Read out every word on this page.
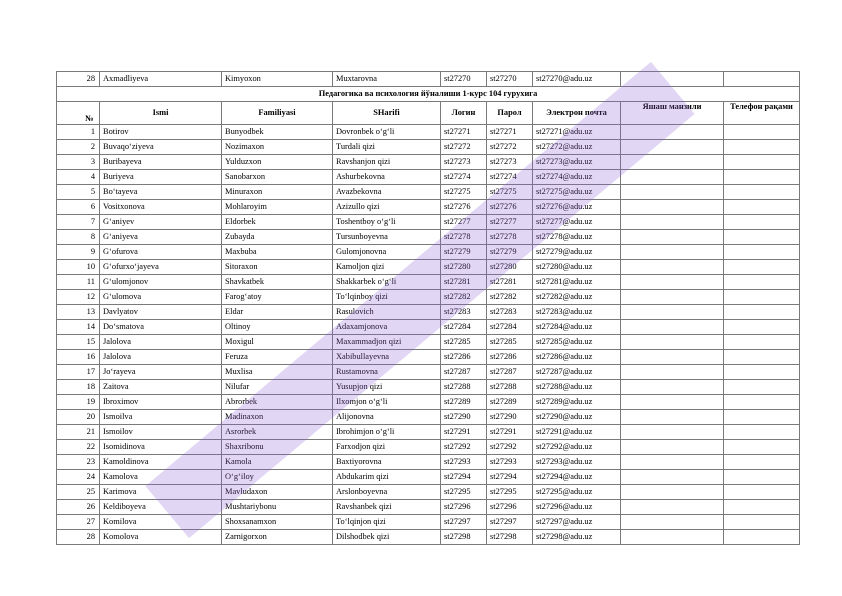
28	Axmadliyeva	Kimyoxon	Muxtarovna	st27270	st27270	st27270@adu.uz		
Педагогика ва психология йўналиши 1-курс 104 гурухига								
№	Ismi	Familiyasi	SHarifi	Логин	Парол	Электрон почта	Яшаш манзили	Телефон рақами
1	Botirov	Bunyodbek	Dovronbek o‘g‘li	st27271	st27271	st27271@adu.uz		
2	Buvaqo‘ziyeva	Nozimaxon	Turdali qizi	st27272	st27272	st27272@adu.uz		
3	Buribayeva	Yulduzxon	Ravshanjon qizi	st27273	st27273	st27273@adu.uz		
4	Buriyeva	Sanobarxon	Ashurbekovna	st27274	st27274	st27274@adu.uz		
5	Bo‘tayeva	Minuraxon	Avazbekovna	st27275	st27275	st27275@adu.uz		
6	Vositxonova	Mohlaroyim	Azizullo qizi	st27276	st27276	st27276@adu.uz		
7	G‘aniyev	Eldorbek	Toshentboy o‘g‘li	st27277	st27277	st27277@adu.uz		
8	G‘aniyeva	Zubayda	Tursunboyevna	st27278	st27278	st27278@adu.uz		
9	G‘ofurova	Maxbuba	Gulomjonovna	st27279	st27279	st27279@adu.uz		
10	G‘ofurxo‘jayeva	Sitoraxon	Kamoljon qizi	st27280	st27280	st27280@adu.uz		
11	G‘ulomjonov	Shavkatbek	Shakkarbek o‘g‘li	st27281	st27281	st27281@adu.uz		
12	G‘ulomova	Farog‘atoy	To‘lqinboy qizi	st27282	st27282	st27282@adu.uz		
13	Davlyatov	Eldar	Rasulovich	st27283	st27283	st27283@adu.uz		
14	Do‘smatova	Oltinoy	Adaxamjonova	st27284	st27284	st27284@adu.uz		
15	Jalolova	Moxigul	Maxammadjon qizi	st27285	st27285	st27285@adu.uz		
16	Jalolova	Feruza	Xabibullayevna	st27286	st27286	st27286@adu.uz		
17	Jo‘rayeva	Muxlisa	Rustamovna	st27287	st27287	st27287@adu.uz		
18	Zaitova	Nilufar	Yusupjon qizi	st27288	st27288	st27288@adu.uz		
19	Ibroximov	Abrorbek	Ilxomjon o‘g‘li	st27289	st27289	st27289@adu.uz		
20	Ismoilva	Madinaxon	Alijonovna	st27290	st27290	st27290@adu.uz		
21	Ismoilov	Asrorbek	Ibrohimjon o‘g‘li	st27291	st27291	st27291@adu.uz		
22	Isomidinova	Shaxribonu	Farxodjon qizi	st27292	st27292	st27292@adu.uz		
23	Kamoldinova	Kamola	Baxtiyorovna	st27293	st27293	st27293@adu.uz		
24	Kamolova	O‘g‘iloy	Abdukarim qizi	st27294	st27294	st27294@adu.uz		
25	Karimova	Mavludaxon	Arslonboyevna	st27295	st27295	st27295@adu.uz		
26	Keldiboyeva	Mushtariybonu	Ravshanbek qizi	st27296	st27296	st27296@adu.uz		
27	Komilova	Shoxsanamxon	To‘lqinjon qizi	st27297	st27297	st27297@adu.uz		
28	Komolova	Zarnigorxon	Dilshodbek qizi	st27298	st27298	st27298@adu.uz		
